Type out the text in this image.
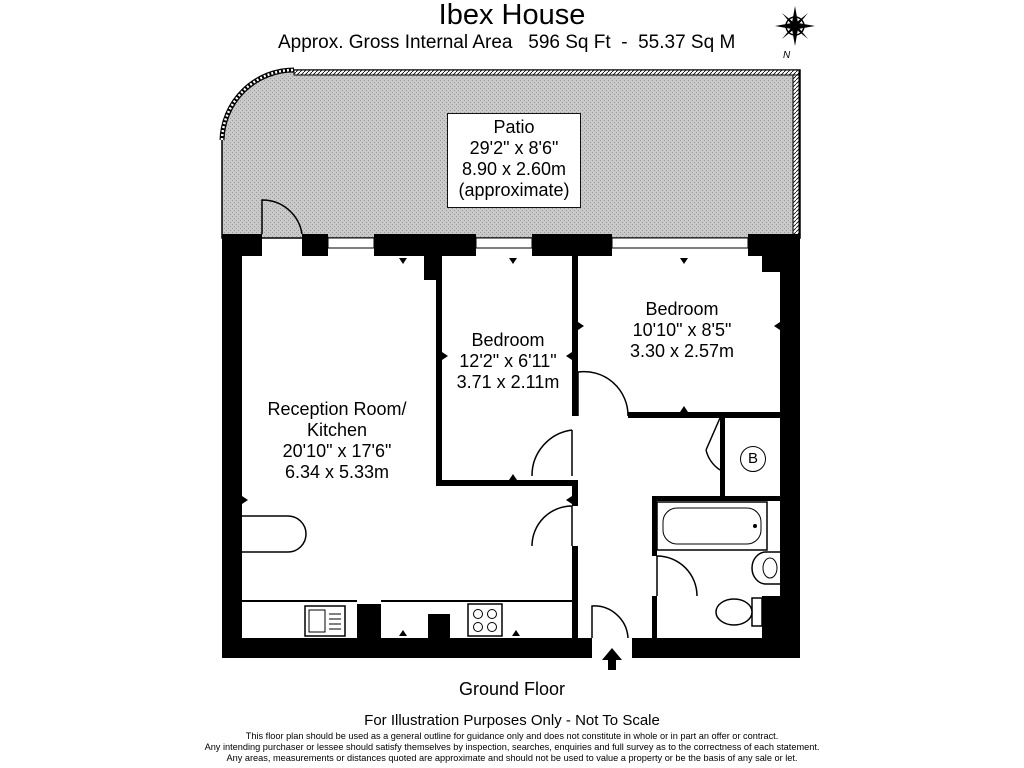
Ibex House
Approx. Gross Internal Area   596 Sq Ft  -  55.37 Sq M
N
Patio
29'2" x 8'6"
8.90 x 2.60m
(approximate)
Reception Room/
Kitchen
20'10" x 17'6"
6.34 x 5.33m
Bedroom
12'2" x 6'11"
3.71 x 2.11m
Bedroom
10'10" x 8'5"
3.30 x 2.57m
B
Ground Floor
For Illustration Purposes Only - Not To Scale
This floor plan should be used as a general outline for guidance only and does not constitute in whole or in part an offer or contract.
Any intending purchaser or lessee should satisfy themselves by inspection, searches, enquiries and full survey as to the correctness of each statement.
Any areas, measurements or distances quoted are approximate and should not be used to value a property or be the basis of any sale or let.
